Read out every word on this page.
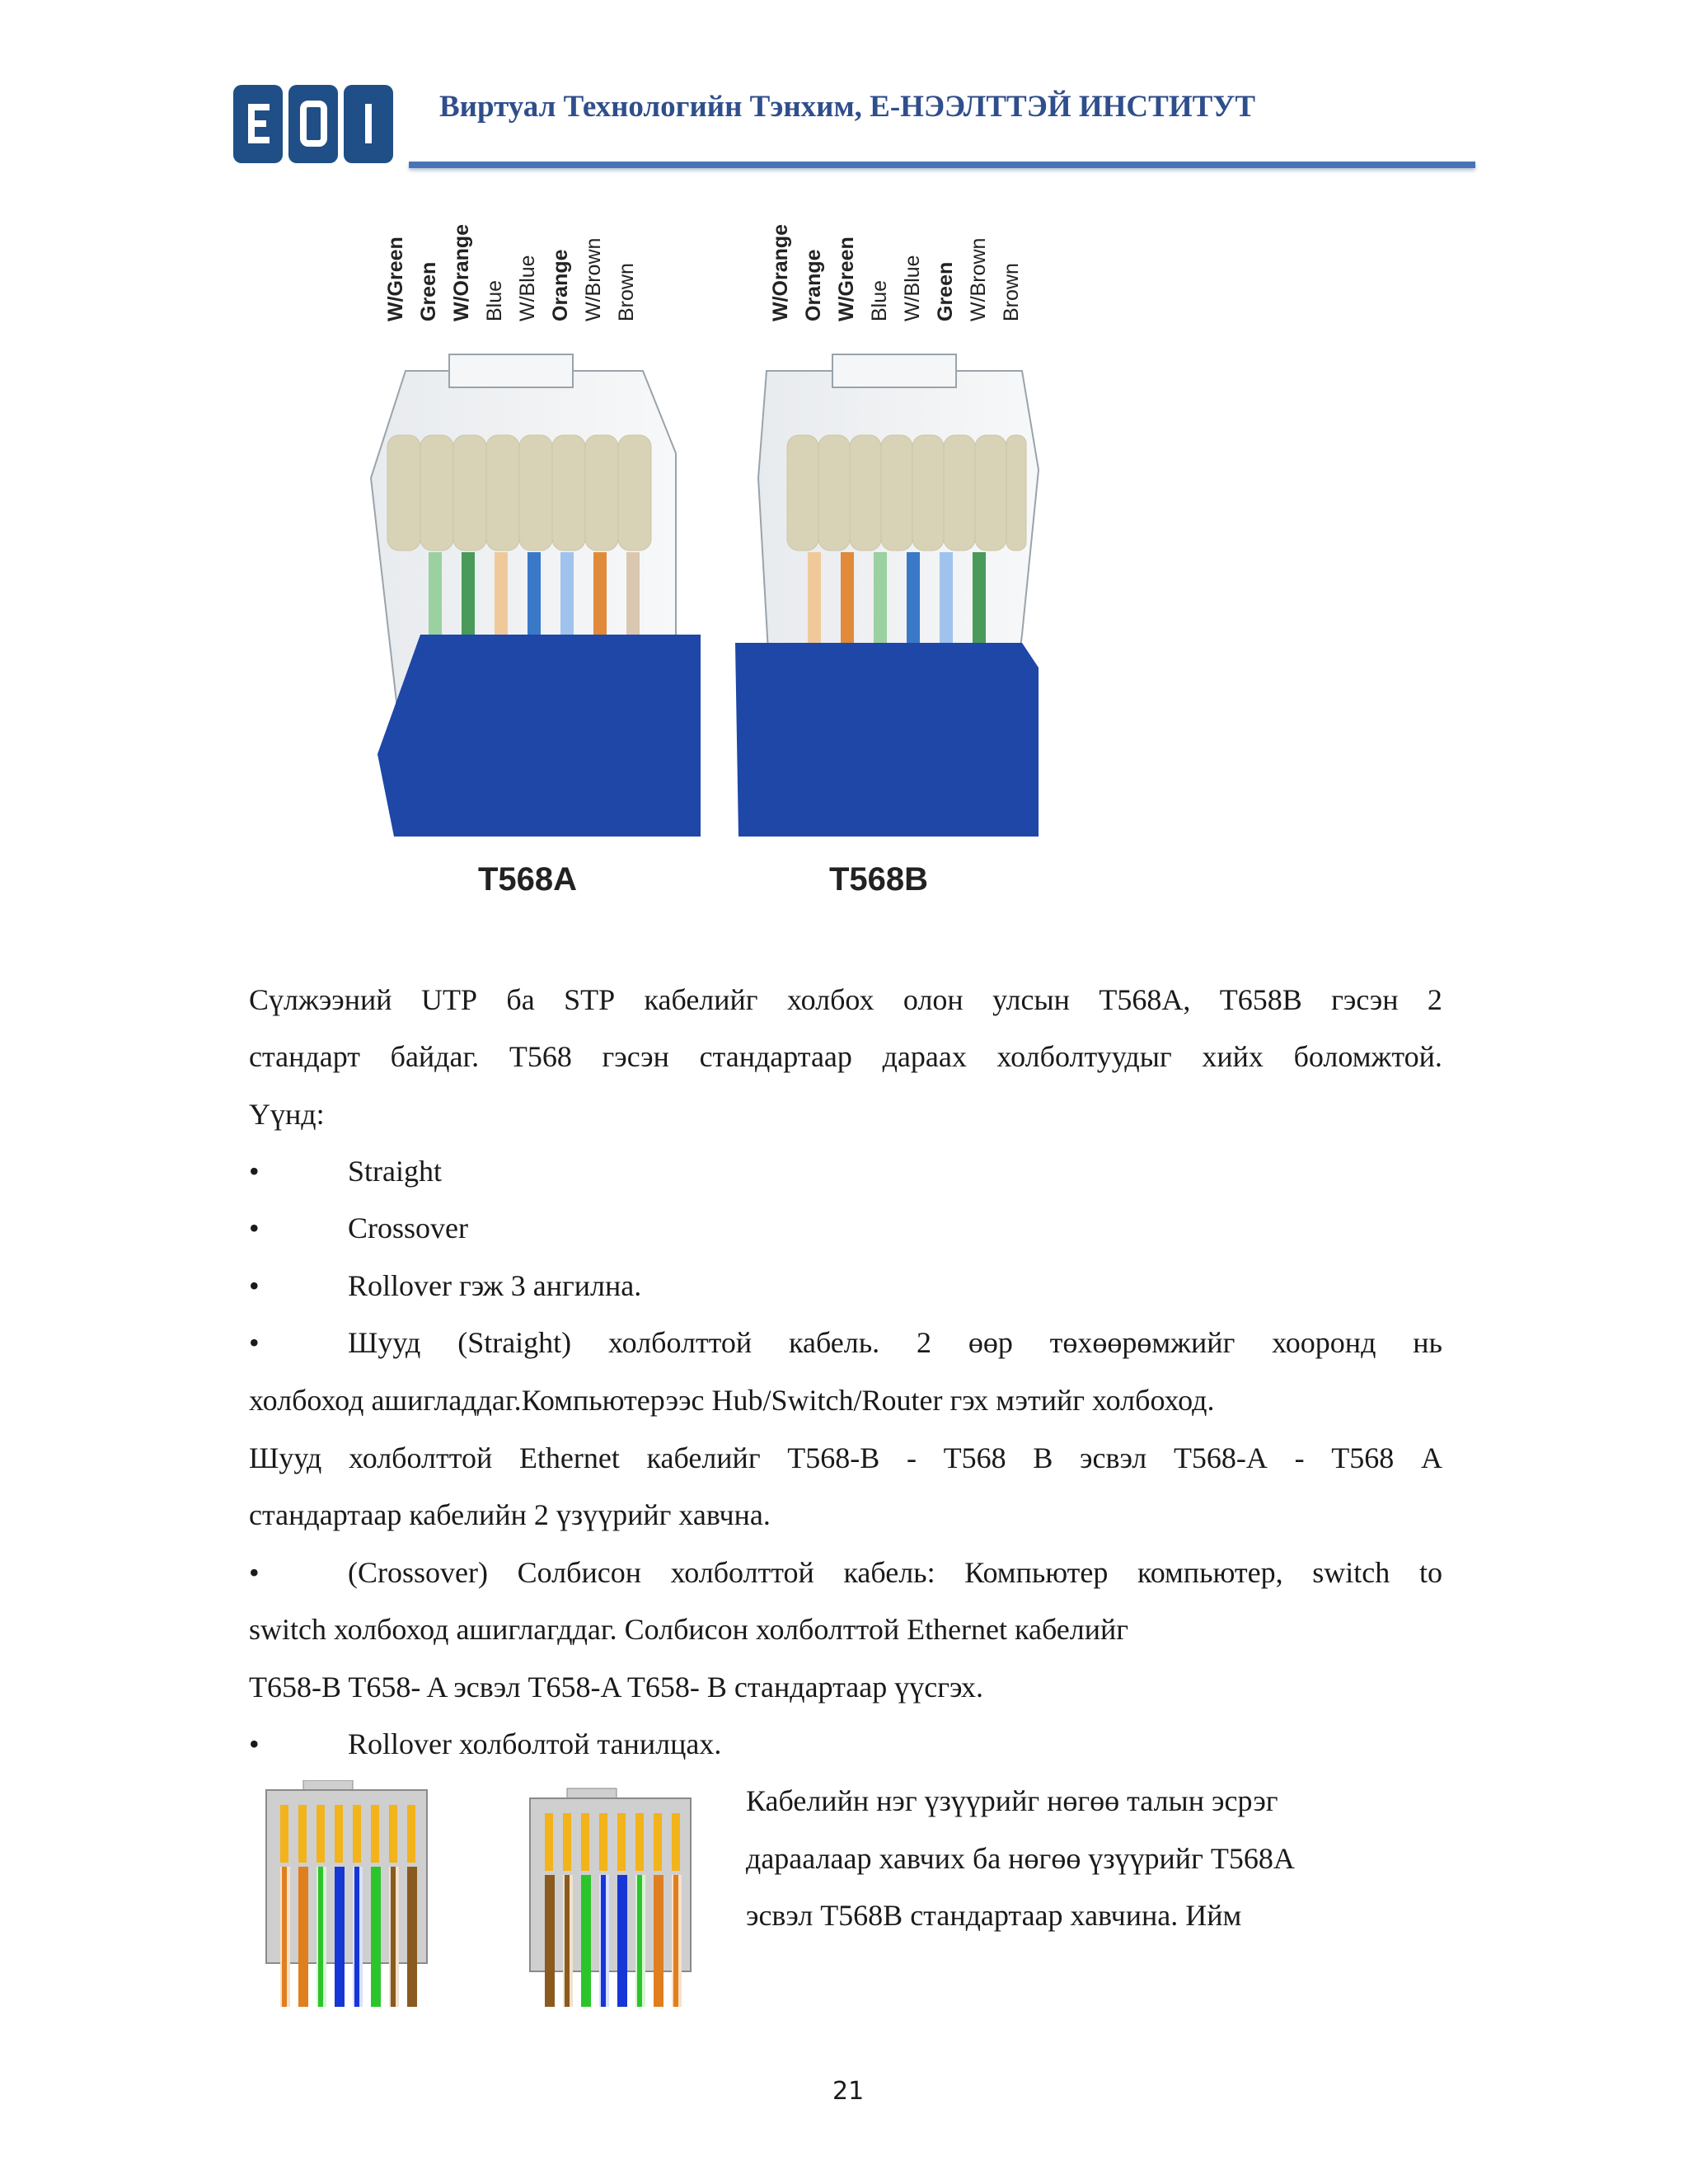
Виртуал Технологийн Тэнхим, Е-НЭЭЛТТЭЙ ИНСТИТУТ
W/Green Green W/Orange Blue W/Blue Orange W/Brown Brown	W/Orange Orange W/Green Blue W/Blue Green W/Brown Brown
T568A	T568B
Сүлжээний UTP ба STP кабелийг холбох олон улсын T568A, T658B гэсэн 2
стандарт байдаг. T568 гэсэн стандартаар дараах холболтуудыг хийх боломжтой.
Үүнд:
•	Straight
•	Crossover
•	Rollover гэж 3 ангилна.
•	Шууд (Straight) холболттой кабель. 2 өөр төхөөрөмжийг хооронд нь
холбоход ашигладдаг.Компьютерээс Hub/Switch/Router гэх мэтийг холбоход.
Шууд холболттой Ethernet кабелийг T568-B - T568 B эсвэл T568-A - T568 A
стандартаар кабелийн 2 үзүүрийг хавчна.
•	(Crossover) Солбисон холболттой кабель: Компьютер компьютер, switch to
switch холбоход ашиглагддаг. Солбисон холболттой Ethernet кабелийг
T658-B T658- A эсвэл T658-A T658- B стандартаар үүсгэх.
•	Rollover холболтой танилцах.
Кабелийн нэг үзүүрийг нөгөө талын эсрэг
дараалаар хавчих ба нөгөө үзүүрийг T568A
эсвэл T568B стандартаар хавчина. Ийм
21
